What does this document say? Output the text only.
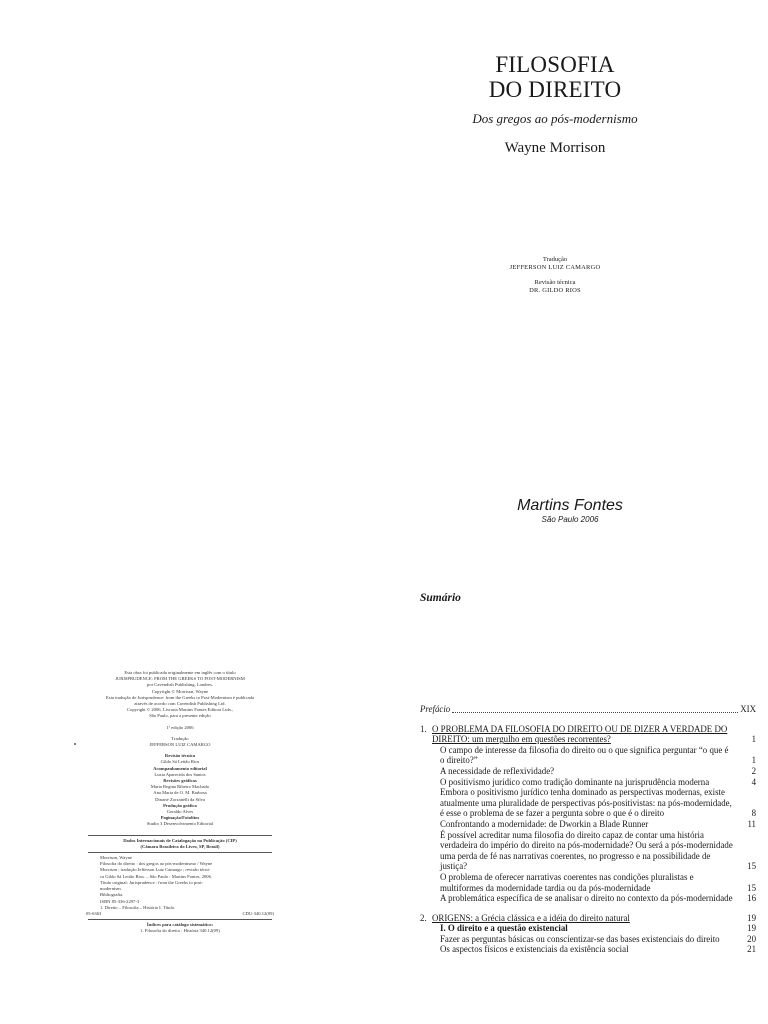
FILOSOFIA
DO DIREITO
Dos gregos ao pós-modernismo
Wayne Morrison
Tradução
JEFFERSON LUIZ CAMARGO
Revisão técnica
DR. GILDO RIOS
Martins Fontes
São Paulo 2006
Sumário

Esta obra foi publicada originalmente em inglês com o título

JURISPRUDENCE: FROM THE GREEKS TO POST-MODERNISM

por Cavendish Publishing, Londres.

Copyright © Morrison, Wayne

Esta tradução de Jurisprudence: from the Greeks to Post-Modernism é publicada

através de acordo com Cavendish Publishing Ltd.

Copyright © 2006, Livraria Martins Fontes Editora Ltda.,

São Paulo, para a presente edição

1ª edição 2006

Tradução

JEFFERSON LUIZ CAMARGO

Revisão técnica

Gildo Sá Leitão Rios

Acompanhamento editorial

Luzia Aparecida dos Santos

Revisões gráficas

Maria Regina Ribeiro Machado

Ana Maria de O. M. Barbosa

Dinarte Zorzanelli da Silva

Produção gráfica

Geraldo Alves

Paginação/Fotolitos

Studio 3 Desenvolvimento Editorial

Dados Internacionais de Catalogação na Publicação (CIP)

(Câmara Brasileira do Livro, SP, Brasil)

Morrison, Wayne

Filosofia do direito : dos gregos ao pós-modernismo / Wayne

Morrison ; tradução Jefferson Luiz Camargo ; revisão técni-

ca Gildo Sá Leitão Rios. – São Paulo : Martins Fontes, 2006.

Título original: Jurisprudence : from the Greeks to post-

modernism.

Bibliografia.

ISBN 85-336-2297-3

1. Direito – Filosofia – História I. Título.

05-6363	CDU-340.12(09)

Índices para catálogo sistemático:

1. Filosofia do direito : História 340.12(09)

Prefácio	XIX
1. O PROBLEMA DA FILOSOFIA DO DIREITO OU DE DIZER A VERDADE DO DIREITO: um mergulho em questões recorrentes?	1
O campo de interesse da filosofia do direito ou o que significa perguntar “o que é o direito?”	1
A necessidade de reflexividade?	2
O positivismo jurídico como tradição dominante na jurisprudência moderna	4
Embora o positivismo jurídico tenha dominado as perspectivas modernas, existe atualmente uma pluralidade de perspectivas pós-positivistas: na pós-modernidade, é esse o problema de se fazer a pergunta sobre o que é o direito	8
Confrontando a modernidade: de Dworkin a Blade Runner	11
É possível acreditar numa filosofia do direito capaz de contar uma história verdadeira do império do direito na pós-modernidade? Ou será a pós-modernidade uma perda de fé nas narrativas coerentes, no progresso e na possibilidade de justiça?	15
O problema de oferecer narrativas coerentes nas condições pluralistas e multiformes da modernidade tardia ou da pós-modernidade	15
A problemática específica de se analisar o direito no contexto da pós-modernidade	16
2. ORIGENS: a Grécia clássica e a idéia do direito natural	19
I. O direito e a questão existencial	19
Fazer as perguntas básicas ou conscientizar-se das bases existenciais do direito	20
Os aspectos físicos e existenciais da existência social	21
